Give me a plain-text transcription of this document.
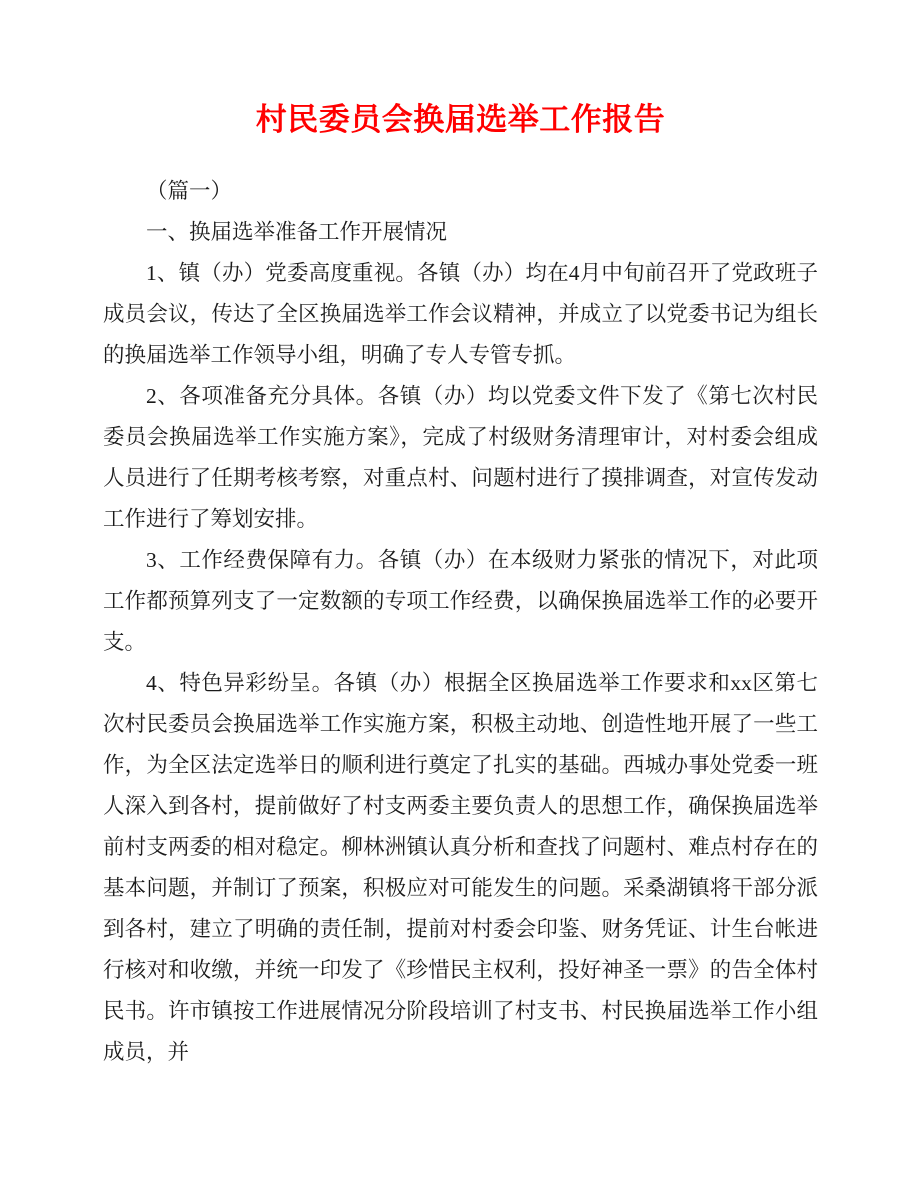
村民委员会换届选举工作报告

（篇一）

一、换届选举准备工作开展情况

1、镇（办）党委高度重视。各镇（办）均在4月中旬前召开了党政班子成员会议，传达了全区换届选举工作会议精神，并成立了以党委书记为组长的换届选举工作领导小组，明确了专人专管专抓。

2、各项准备充分具体。各镇（办）均以党委文件下发了《第七次村民委员会换届选举工作实施方案》，完成了村级财务清理审计，对村委会组成人员进行了任期考核考察，对重点村、问题村进行了摸排调查，对宣传发动工作进行了筹划安排。

3、工作经费保障有力。各镇（办）在本级财力紧张的情况下，对此项工作都预算列支了一定数额的专项工作经费，以确保换届选举工作的必要开支。

4、特色异彩纷呈。各镇（办）根据全区换届选举工作要求和xx区第七次村民委员会换届选举工作实施方案，积极主动地、创造性地开展了一些工作，为全区法定选举日的顺利进行奠定了扎实的基础。西城办事处党委一班人深入到各村，提前做好了村支两委主要负责人的思想工作，确保换届选举前村支两委的相对稳定。柳林洲镇认真分析和查找了问题村、难点村存在的基本问题，并制订了预案，积极应对可能发生的问题。采桑湖镇将干部分派到各村，建立了明确的责任制，提前对村委会印鉴、财务凭证、计生台帐进行核对和收缴，并统一印发了《珍惜民主权利，投好神圣一票》的告全体村民书。许市镇按工作进展情况分阶段培训了村支书、村民换届选举工作小组成员，并
